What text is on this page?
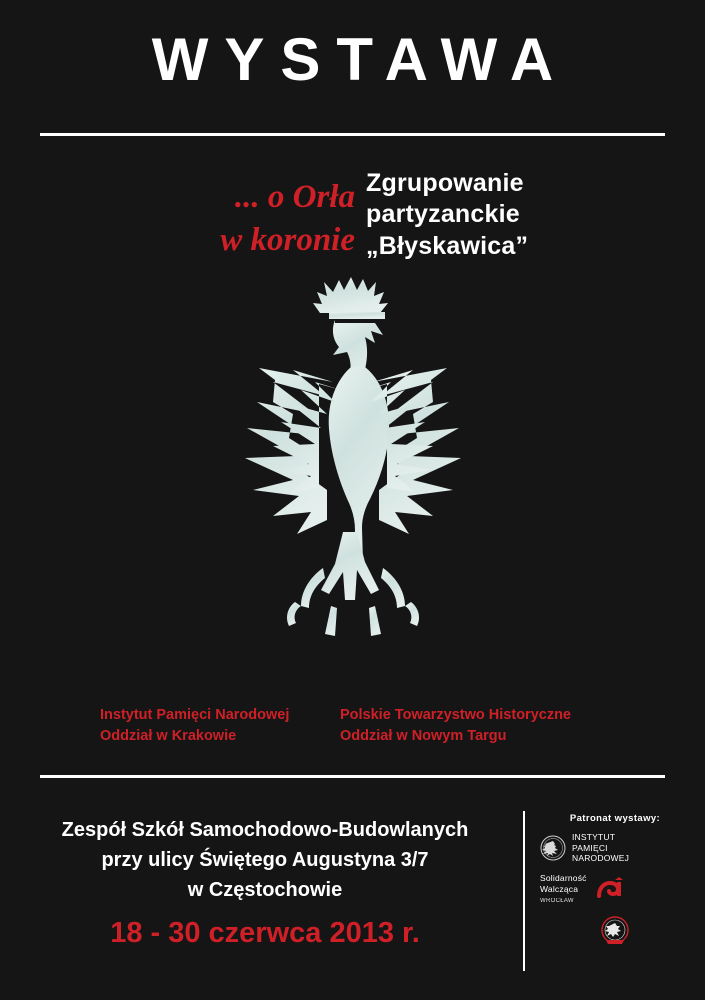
WYSTAWA
... o Orła
w koronie
Zgrupowanie
partyzanckie
„Błyskawica”
Instytut Pamięci Narodowej
Oddział w Krakowie
Polskie Towarzystwo Historyczne
Oddział w Nowym Targu
Zespół Szkół Samochodowo-Budowlanych
przy ulicy Świętego Augustyna 3/7
w Częstochowie
18 - 30 czerwca 2013 r.
Patronat wystawy:
INSTYTUT
PAMIĘCI
NARODOWEJ
Solidarność
Walcząca
WROCŁAW
